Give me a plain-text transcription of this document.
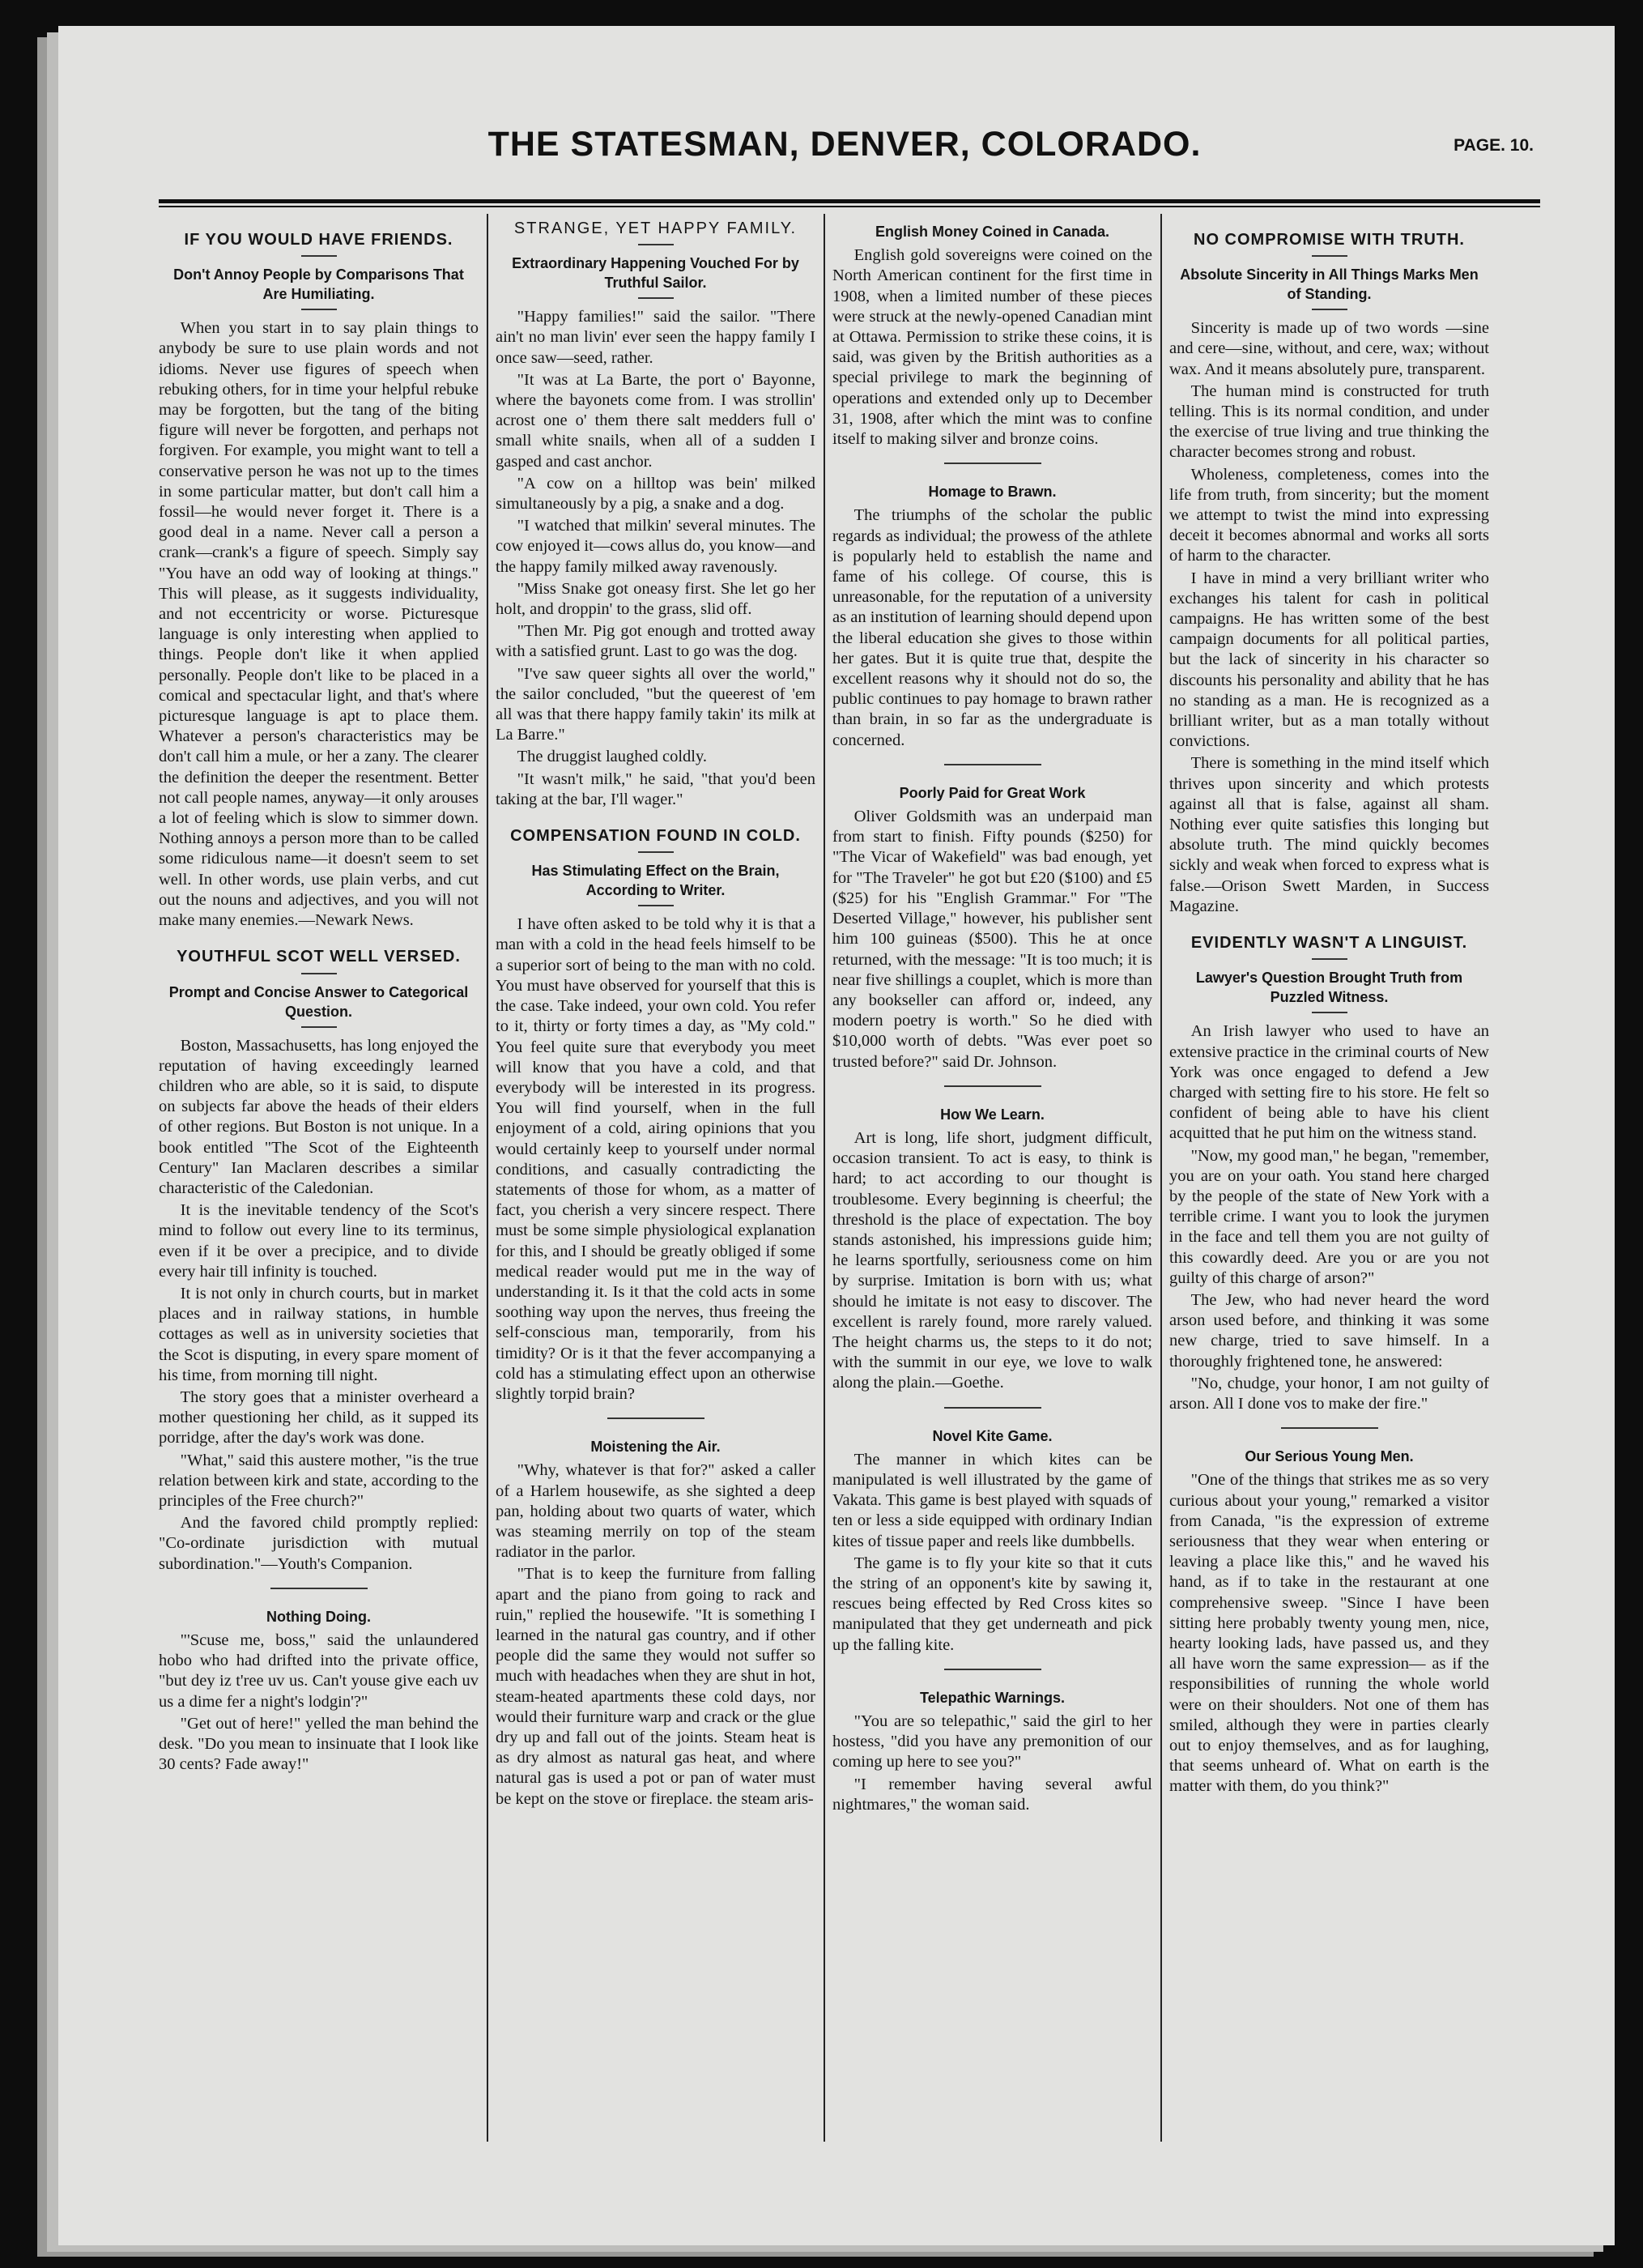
THE STATESMAN, DENVER, COLORADO.	PAGE. 10.
IF YOU WOULD HAVE FRIENDS.
Don't Annoy People by Comparisons That Are Humiliating.

When you start in to say plain things to anybody be sure to use plain words and not idioms. Never use figures of speech when rebuking others, for in time your helpful rebuke may be forgotten, but the tang of the biting figure will never be forgotten, and perhaps not forgiven. For example, you might want to tell a conservative person he was not up to the times in some particular matter, but don't call him a fossil—he would never forget it. There is a good deal in a name. Never call a person a crank—crank's a figure of speech. Simply say "You have an odd way of looking at things." This will please, as it suggests individuality, and not eccentricity or worse. Picturesque language is only interesting when applied to things. People don't like it when applied personally. People don't like to be placed in a comical and spectacular light, and that's where picturesque language is apt to place them. Whatever a person's characteristics may be don't call him a mule, or her a zany. The clearer the definition the deeper the resentment. Better not call people names, anyway—it only arouses a lot of feeling which is slow to simmer down. Nothing annoys a person more than to be called some ridiculous name—it doesn't seem to set well. In other words, use plain verbs, and cut out the nouns and adjectives, and you will not make many enemies.—Newark News.

YOUTHFUL SCOT WELL VERSED.
Prompt and Concise Answer to Categorical Question.

Boston, Massachusetts, has long enjoyed the reputation of having exceedingly learned children who are able, so it is said, to dispute on subjects far above the heads of their elders of other regions. But Boston is not unique. In a book entitled "The Scot of the Eighteenth Century" Ian Maclaren describes a similar characteristic of the Caledonian.

It is the inevitable tendency of the Scot's mind to follow out every line to its terminus, even if it be over a precipice, and to divide every hair till infinity is touched.

It is not only in church courts, but in market places and in railway stations, in humble cottages as well as in university societies that the Scot is disputing, in every spare moment of his time, from morning till night.

The story goes that a minister overheard a mother questioning her child, as it supped its porridge, after the day's work was done.

"What," said this austere mother, "is the true relation between kirk and state, according to the principles of the Free church?"

And the favored child promptly replied: "Co-ordinate jurisdiction with mutual subordination."—Youth's Companion.

Nothing Doing.

"'Scuse me, boss," said the unlaundered hobo who had drifted into the private office, "but dey iz t'ree uv us. Can't youse give each uv us a dime fer a night's lodgin'?"

"Get out of here!" yelled the man behind the desk. "Do you mean to insinuate that I look like 30 cents? Fade away!"

STRANGE, YET HAPPY FAMILY.
Extraordinary Happening Vouched For by Truthful Sailor.

"Happy families!" said the sailor. "There ain't no man livin' ever seen the happy family I once saw—seed, rather.

"It was at La Barte, the port o' Bayonne, where the bayonets come from. I was strollin' acrost one o' them there salt medders full o' small white snails, when all of a sudden I gasped and cast anchor.

"A cow on a hilltop was bein' milked simultaneously by a pig, a snake and a dog.

"I watched that milkin' several minutes. The cow enjoyed it—cows allus do, you know—and the happy family milked away ravenously.

"Miss Snake got oneasy first. She let go her holt, and droppin' to the grass, slid off.

"Then Mr. Pig got enough and trotted away with a satisfied grunt. Last to go was the dog.

"I've saw queer sights all over the world," the sailor concluded, "but the queerest of 'em all was that there happy family takin' its milk at La Barre."

The druggist laughed coldly.

"It wasn't milk," he said, "that you'd been taking at the bar, I'll wager."

COMPENSATION FOUND IN COLD.
Has Stimulating Effect on the Brain, According to Writer.

I have often asked to be told why it is that a man with a cold in the head feels himself to be a superior sort of being to the man with no cold. You must have observed for yourself that this is the case. Take indeed, your own cold. You refer to it, thirty or forty times a day, as "My cold." You feel quite sure that everybody you meet will know that you have a cold, and that everybody will be interested in its progress. You will find yourself, when in the full enjoyment of a cold, airing opinions that you would certainly keep to yourself under normal conditions, and casually contradicting the statements of those for whom, as a matter of fact, you cherish a very sincere respect. There must be some simple physiological explanation for this, and I should be greatly obliged if some medical reader would put me in the way of understanding it. Is it that the cold acts in some soothing way upon the nerves, thus freeing the self-conscious man, temporarily, from his timidity? Or is it that the fever accompanying a cold has a stimulating effect upon an otherwise slightly torpid brain?

Moistening the Air.

"Why, whatever is that for?" asked a caller of a Harlem housewife, as she sighted a deep pan, holding about two quarts of water, which was steaming merrily on top of the steam radiator in the parlor.

"That is to keep the furniture from falling apart and the piano from going to rack and ruin," replied the housewife. "It is something I learned in the natural gas country, and if other people did the same they would not suffer so much with headaches when they are shut in hot, steam-heated apartments these cold days, nor would their furniture warp and crack or the glue dry up and fall out of the joints. Steam heat is as dry almost as natural gas heat, and where natural gas is used a pot or pan of water must be kept on the stove or fireplace. the steam aris-

English Money Coined in Canada.

English gold sovereigns were coined on the North American continent for the first time in 1908, when a limited number of these pieces were struck at the newly-opened Canadian mint at Ottawa. Permission to strike these coins, it is said, was given by the British authorities as a special privilege to mark the beginning of operations and extended only up to December 31, 1908, after which the mint was to confine itself to making silver and bronze coins.

Homage to Brawn.

The triumphs of the scholar the public regards as individual; the prowess of the athlete is popularly held to establish the name and fame of his college. Of course, this is unreasonable, for the reputation of a university as an institution of learning should depend upon the liberal education she gives to those within her gates. But it is quite true that, despite the excellent reasons why it should not do so, the public continues to pay homage to brawn rather than brain, in so far as the undergraduate is concerned.

Poorly Paid for Great Work

Oliver Goldsmith was an underpaid man from start to finish. Fifty pounds ($250) for "The Vicar of Wakefield" was bad enough, yet for "The Traveler" he got but £20 ($100) and £5 ($25) for his "English Grammar." For "The Deserted Village," however, his publisher sent him 100 guineas ($500). This he at once returned, with the message: "It is too much; it is near five shillings a couplet, which is more than any bookseller can afford or, indeed, any modern poetry is worth." So he died with $10,000 worth of debts. "Was ever poet so trusted before?" said Dr. Johnson.

How We Learn.

Art is long, life short, judgment difficult, occasion transient. To act is easy, to think is hard; to act according to our thought is troublesome. Every beginning is cheerful; the threshold is the place of expectation. The boy stands astonished, his impressions guide him; he learns sportfully, seriousness come on him by surprise. Imitation is born with us; what should he imitate is not easy to discover. The excellent is rarely found, more rarely valued. The height charms us, the steps to it do not; with the summit in our eye, we love to walk along the plain.—Goethe.

Novel Kite Game.

The manner in which kites can be manipulated is well illustrated by the game of Vakata. This game is best played with squads of ten or less a side equipped with ordinary Indian kites of tissue paper and reels like dumbbells.

The game is to fly your kite so that it cuts the string of an opponent's kite by sawing it, rescues being effected by Red Cross kites so manipulated that they get underneath and pick up the falling kite.

Telepathic Warnings.

"You are so telepathic," said the girl to her hostess, "did you have any premonition of our coming up here to see you?"

"I remember having several awful nightmares," the woman said.

NO COMPROMISE WITH TRUTH.
Absolute Sincerity in All Things Marks Men of Standing.

Sincerity is made up of two words —sine and cere—sine, without, and cere, wax; without wax. And it means absolutely pure, transparent.

The human mind is constructed for truth telling. This is its normal condition, and under the exercise of true living and true thinking the character becomes strong and robust.

Wholeness, completeness, comes into the life from truth, from sincerity; but the moment we attempt to twist the mind into expressing deceit it becomes abnormal and works all sorts of harm to the character.

I have in mind a very brilliant writer who exchanges his talent for cash in political campaigns. He has written some of the best campaign documents for all political parties, but the lack of sincerity in his character so discounts his personality and ability that he has no standing as a man. He is recognized as a brilliant writer, but as a man totally without convictions.

There is something in the mind itself which thrives upon sincerity and which protests against all that is false, against all sham. Nothing ever quite satisfies this longing but absolute truth. The mind quickly becomes sickly and weak when forced to express what is false.—Orison Swett Marden, in Success Magazine.

EVIDENTLY WASN'T A LINGUIST.
Lawyer's Question Brought Truth from Puzzled Witness.

An Irish lawyer who used to have an extensive practice in the criminal courts of New York was once engaged to defend a Jew charged with setting fire to his store. He felt so confident of being able to have his client acquitted that he put him on the witness stand.

"Now, my good man," he began, "remember, you are on your oath. You stand here charged by the people of the state of New York with a terrible crime. I want you to look the jurymen in the face and tell them you are not guilty of this cowardly deed. Are you or are you not guilty of this charge of arson?"

The Jew, who had never heard the word arson used before, and thinking it was some new charge, tried to save himself. In a thoroughly frightened tone, he answered:

"No, chudge, your honor, I am not guilty of arson. All I done vos to make der fire."

Our Serious Young Men.

"One of the things that strikes me as so very curious about your young," remarked a visitor from Canada, "is the expression of extreme seriousness that they wear when entering or leaving a place like this," and he waved his hand, as if to take in the restaurant at one comprehensive sweep. "Since I have been sitting here probably twenty young men, nice, hearty looking lads, have passed us, and they all have worn the same expression— as if the responsibilities of running the whole world were on their shoulders. Not one of them has smiled, although they were in parties clearly out to enjoy themselves, and as for laughing, that seems unheard of. What on earth is the matter with them, do you think?"
